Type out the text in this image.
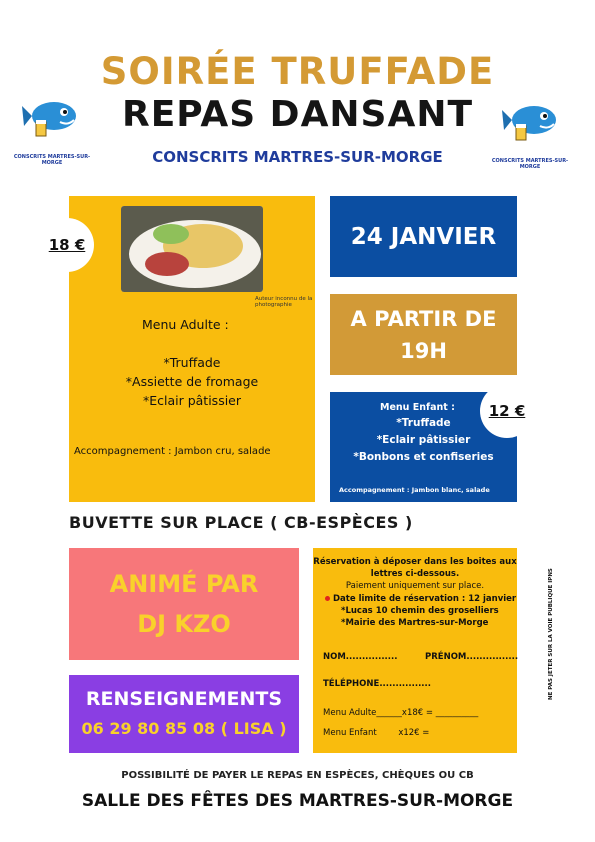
SOIRÉE TRUFFADE
REPAS DANSANT
CONSCRITS MARTRES-SUR-MORGE
CONSCRITS MARTRES-SUR-MORGE	CONSCRITS MARTRES-SUR-MORGE
Auteur inconnu de la photographie
Menu Adulte :
*Truffade
*Assiette de fromage
*Eclair pâtissier
Accompagnement : Jambon cru, salade
18 €	24 JANVIER
A PARTIR DE
19H
Menu Enfant :
*Truffade
*Eclair pâtissier
*Bonbons et confiseries
Accompagnement : Jambon blanc, salade
12 €
BUVETTE SUR PLACE ( CB-ESPÈCES )
ANIMÉ PAR
DJ KZO
RENSEIGNEMENTS
06 29 80 85 08 ( LISA )
Réservation à déposer dans les boites aux
lettres ci-dessous.
Paiement uniquement sur place.
Date limite de réservation : 12 janvier
*Lucas 10 chemin des groselliers
*Mairie des Martres-sur-Morge
NOM................	PRÉNOM................
TÉLÉPHONE................
Menu Adulte______x18€ = __________
Menu Enfant        x12€ =
NE PAS JETER SUR LA VOIE PUBLIQUE IPNS
POSSIBILITÉ DE PAYER LE REPAS EN ESPÈCES, CHÈQUES OU CB
SALLE DES FÊTES DES MARTRES-SUR-MORGE
